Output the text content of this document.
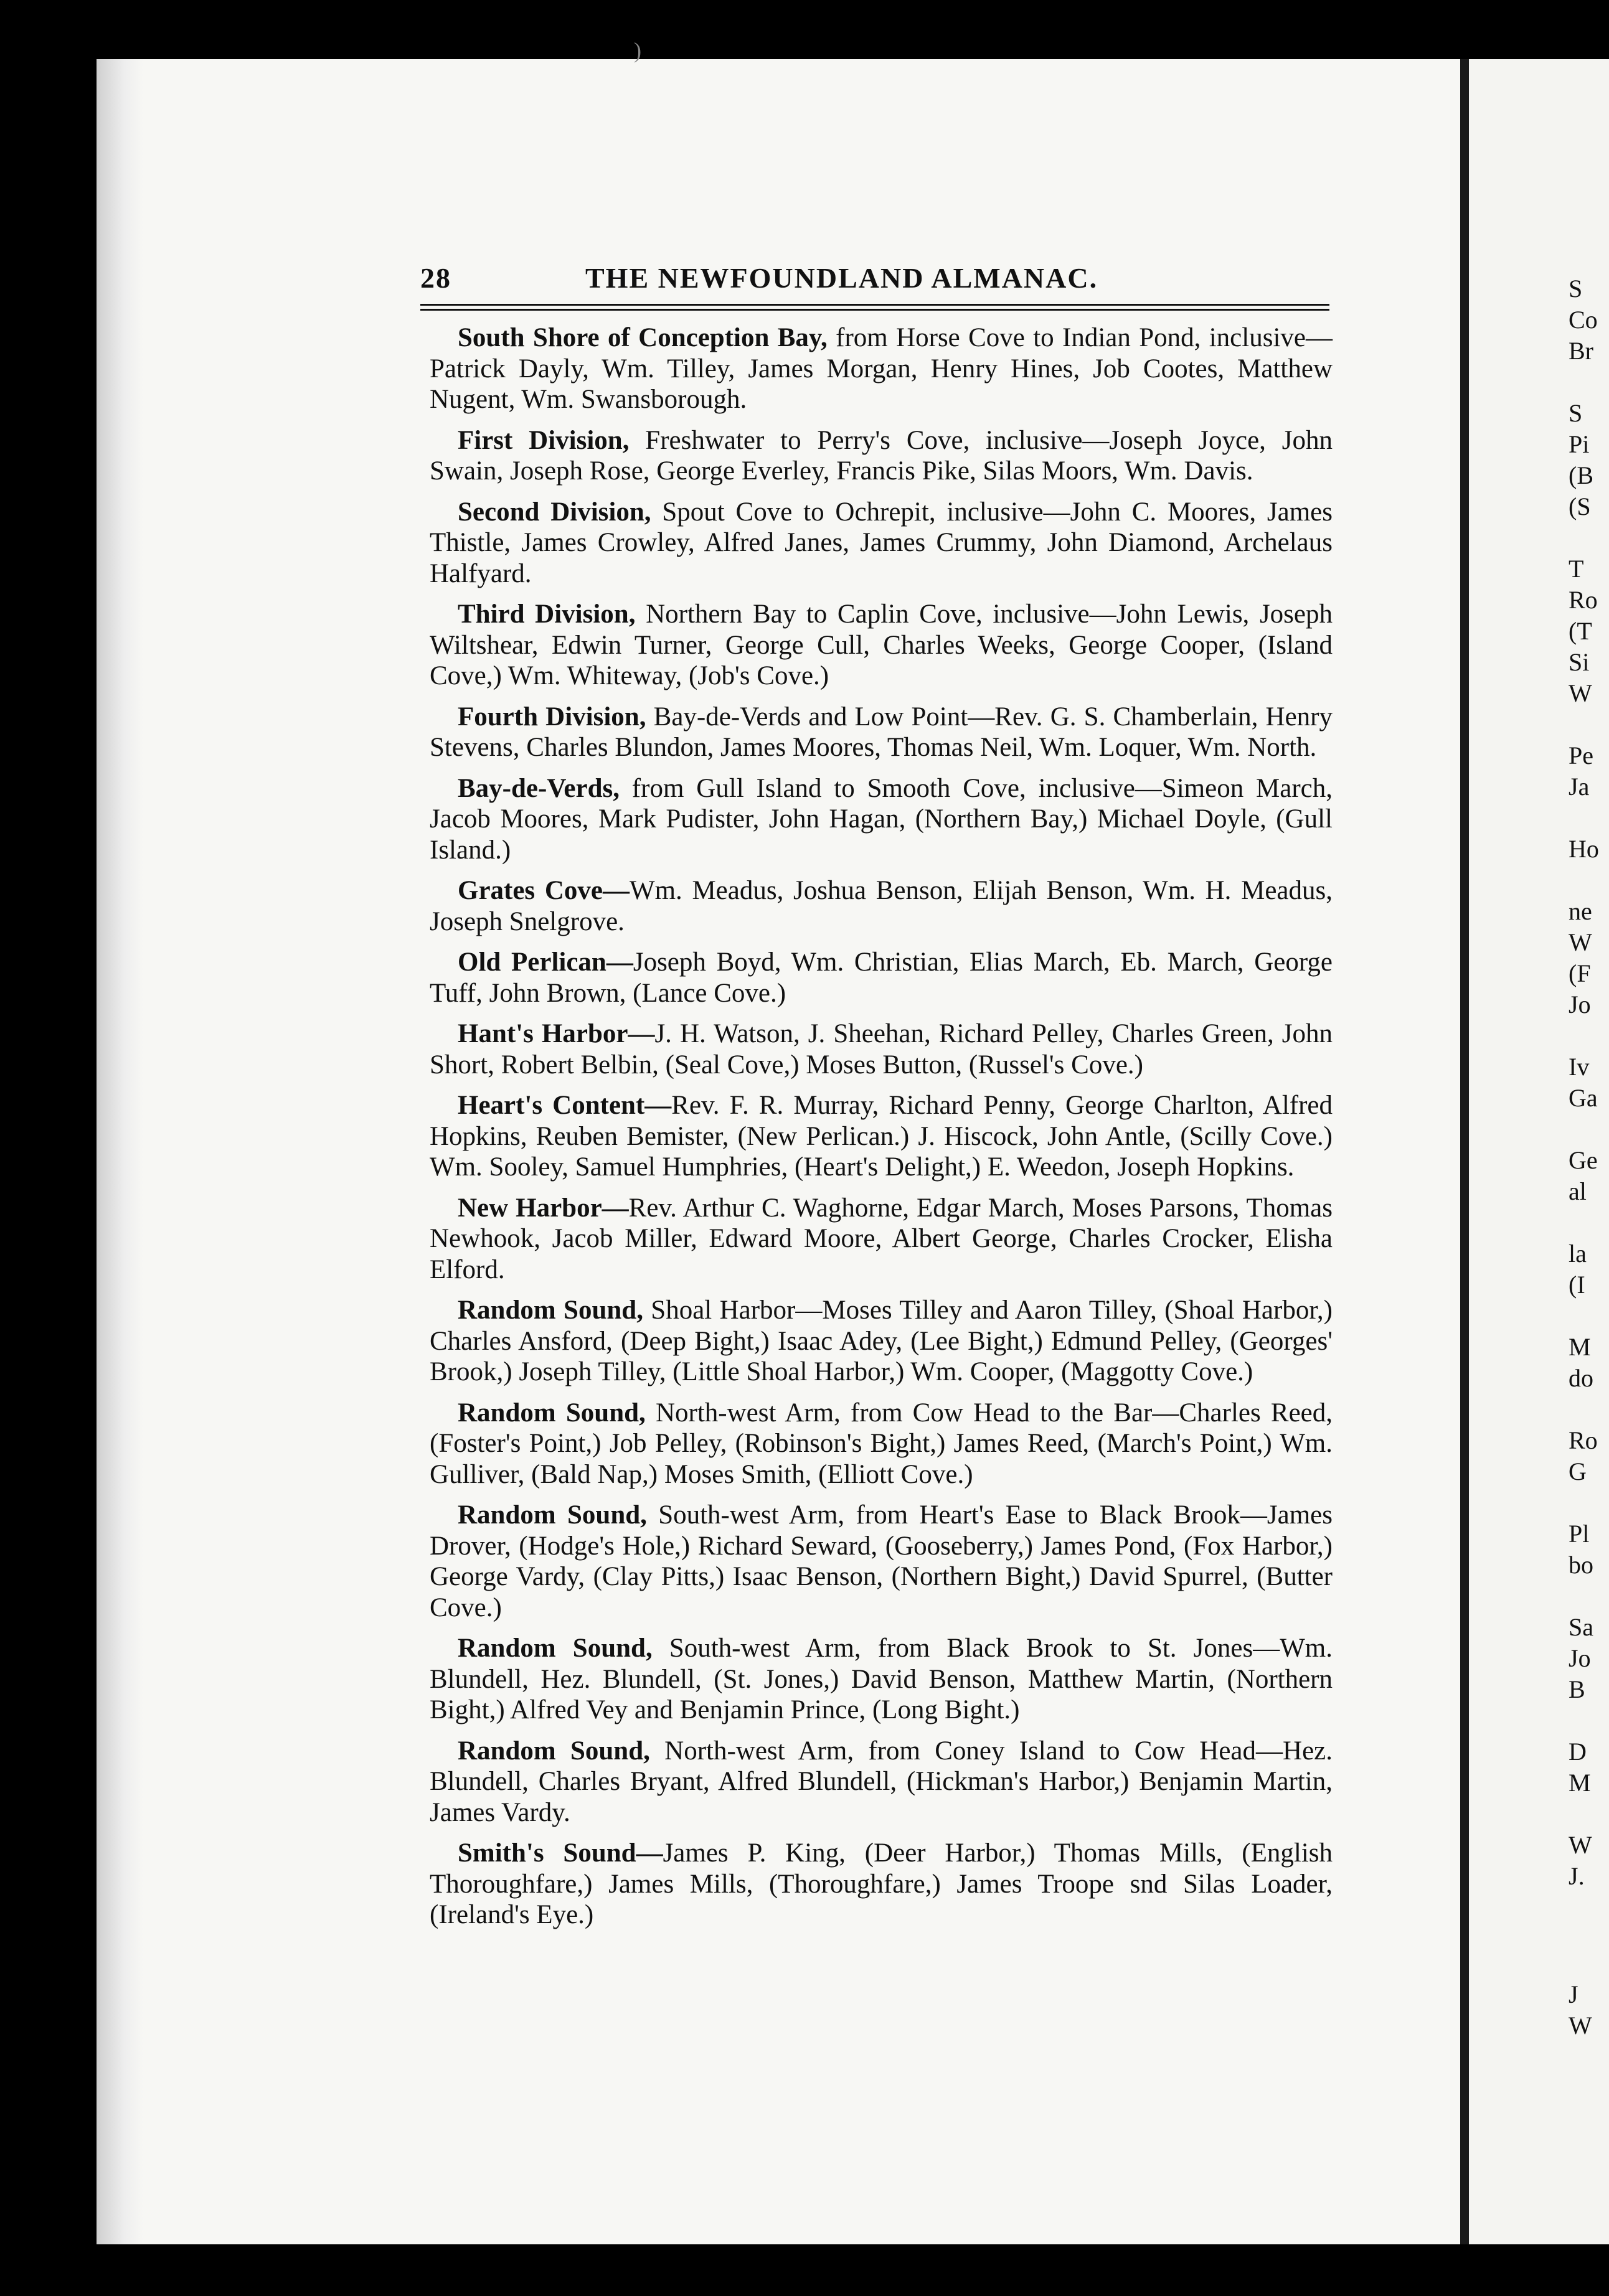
)
28	THE NEWFOUNDLAND ALMANAC.

South Shore of Conception Bay, from Horse Cove to Indian Pond, inclusive—Patrick Dayly, Wm. Tilley, James Morgan, Henry Hines, Job Cootes, Matthew Nugent, Wm. Swansborough.

First Division, Freshwater to Perry's Cove, inclusive—Joseph Joyce, John Swain, Joseph Rose, George Everley, Francis Pike, Silas Moors, Wm. Davis.

Second Division, Spout Cove to Ochrepit, inclusive—John C. Moores, James Thistle, James Crowley, Alfred Janes, James Crummy, John Diamond, Archelaus Halfyard.

Third Division, Northern Bay to Caplin Cove, inclusive—John Lewis, Joseph Wiltshear, Edwin Turner, George Cull, Charles Weeks, George Cooper, (Island Cove,) Wm. Whiteway, (Job's Cove.)

Fourth Division, Bay-de-Verds and Low Point—Rev. G. S. Chamberlain, Henry Stevens, Charles Blundon, James Moores, Thomas Neil, Wm. Loquer, Wm. North.

Bay-de-Verds, from Gull Island to Smooth Cove, inclusive—Simeon March, Jacob Moores, Mark Pudister, John Hagan, (Northern Bay,) Michael Doyle, (Gull Island.)

Grates Cove—Wm. Meadus, Joshua Benson, Elijah Benson, Wm. H. Meadus, Joseph Snelgrove.

Old Perlican—Joseph Boyd, Wm. Christian, Elias March, Eb. March, George Tuff, John Brown, (Lance Cove.)

Hant's Harbor—J. H. Watson, J. Sheehan, Richard Pelley, Charles Green, John Short, Robert Belbin, (Seal Cove,) Moses Button, (Russel's Cove.)

Heart's Content—Rev. F. R. Murray, Richard Penny, George Charlton, Alfred Hopkins, Reuben Bemister, (New Perlican.) J. Hiscock, John Antle, (Scilly Cove.) Wm. Sooley, Samuel Humphries, (Heart's Delight,) E. Weedon, Joseph Hopkins.

New Harbor—Rev. Arthur C. Waghorne, Edgar March, Moses Parsons, Thomas Newhook, Jacob Miller, Edward Moore, Albert George, Charles Crocker, Elisha Elford.

Random Sound, Shoal Harbor—Moses Tilley and Aaron Tilley, (Shoal Harbor,) Charles Ansford, (Deep Bight,) Isaac Adey, (Lee Bight,) Edmund Pelley, (Georges' Brook,) Joseph Tilley, (Little Shoal Harbor,) Wm. Cooper, (Maggotty Cove.)

Random Sound, North-west Arm, from Cow Head to the Bar—Charles Reed, (Foster's Point,) Job Pelley, (Robinson's Bight,) James Reed, (March's Point,) Wm. Gulliver, (Bald Nap,) Moses Smith, (Elliott Cove.)

Random Sound, South-west Arm, from Heart's Ease to Black Brook—James Drover, (Hodge's Hole,) Richard Seward, (Gooseberry,) James Pond, (Fox Harbor,) George Vardy, (Clay Pitts,) Isaac Benson, (Northern Bight,) David Spurrel, (Butter Cove.)

Random Sound, South-west Arm, from Black Brook to St. Jones—Wm. Blundell, Hez. Blundell, (St. Jones,) David Benson, Matthew Martin, (Northern Bight,) Alfred Vey and Benjamin Prince, (Long Bight.)

Random Sound, North-west Arm, from Coney Island to Cow Head—Hez. Blundell, Charles Bryant, Alfred Blundell, (Hickman's Harbor,) Benjamin Martin, James Vardy.

Smith's Sound—James P. King, (Deer Harbor,) Thomas Mills, (English Thoroughfare,) James Mills, (Thoroughfare,) James Troope snd Silas Loader, (Ireland's Eye.)

S
Co
Br
S
Pi
(B
(S
T
Ro
(T
Si
W
Pe
Ja
Ho
ne
W
(F
Jo
Iv
Ga
Ge
al
la
(I
M
do
Ro
G
Pl
bo
Sa
Jo
B
D
M
W
J.
J
W
